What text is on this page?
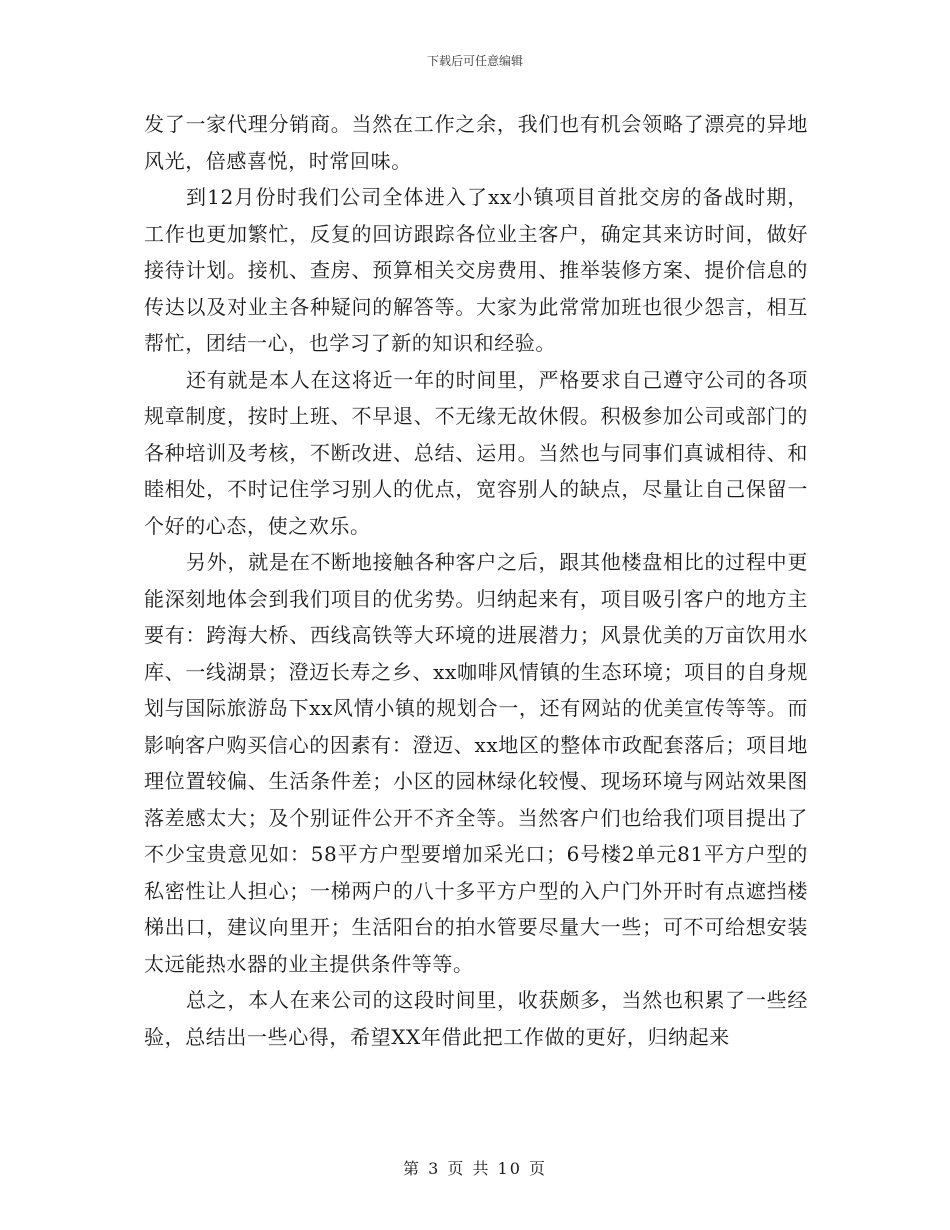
下载后可任意编辑

发了一家代理分销商。当然在工作之余，我们也有机会领略了漂亮的异地风光，倍感喜悦，时常回味。

到12月份时我们公司全体进入了xx小镇项目首批交房的备战时期，工作也更加繁忙，反复的回访跟踪各位业主客户，确定其来访时间，做好接待计划。接机、查房、预算相关交房费用、推举装修方案、提价信息的传达以及对业主各种疑问的解答等。大家为此常常加班也很少怨言，相互帮忙，团结一心，也学习了新的知识和经验。

还有就是本人在这将近一年的时间里，严格要求自己遵守公司的各项规章制度，按时上班、不早退、不无缘无故休假。积极参加公司或部门的各种培训及考核，不断改进、总结、运用。当然也与同事们真诚相待、和睦相处，不时记住学习别人的优点，宽容别人的缺点，尽量让自己保留一个好的心态，使之欢乐。

另外，就是在不断地接触各种客户之后，跟其他楼盘相比的过程中更能深刻地体会到我们项目的优劣势。归纳起来有，项目吸引客户的地方主要有：跨海大桥、西线高铁等大环境的进展潜力；风景优美的万亩饮用水库、一线湖景；澄迈长寿之乡、xx咖啡风情镇的生态环境；项目的自身规划与国际旅游岛下xx风情小镇的规划合一，还有网站的优美宣传等等。而影响客户购买信心的因素有：澄迈、xx地区的整体市政配套落后；项目地理位置较偏、生活条件差；小区的园林绿化较慢、现场环境与网站效果图落差感太大；及个别证件公开不齐全等。当然客户们也给我们项目提出了不少宝贵意见如：58平方户型要增加采光口；6号楼2单元81平方户型的私密性让人担心；一梯两户的八十多平方户型的入户门外开时有点遮挡楼梯出口，建议向里开；生活阳台的拍水管要尽量大一些；可不可给想安装太远能热水器的业主提供条件等等。

总之，本人在来公司的这段时间里，收获颇多，当然也积累了一些经验，总结出一些心得，希望XX年借此把工作做的更好，归纳起来

第 3 页 共 10 页
